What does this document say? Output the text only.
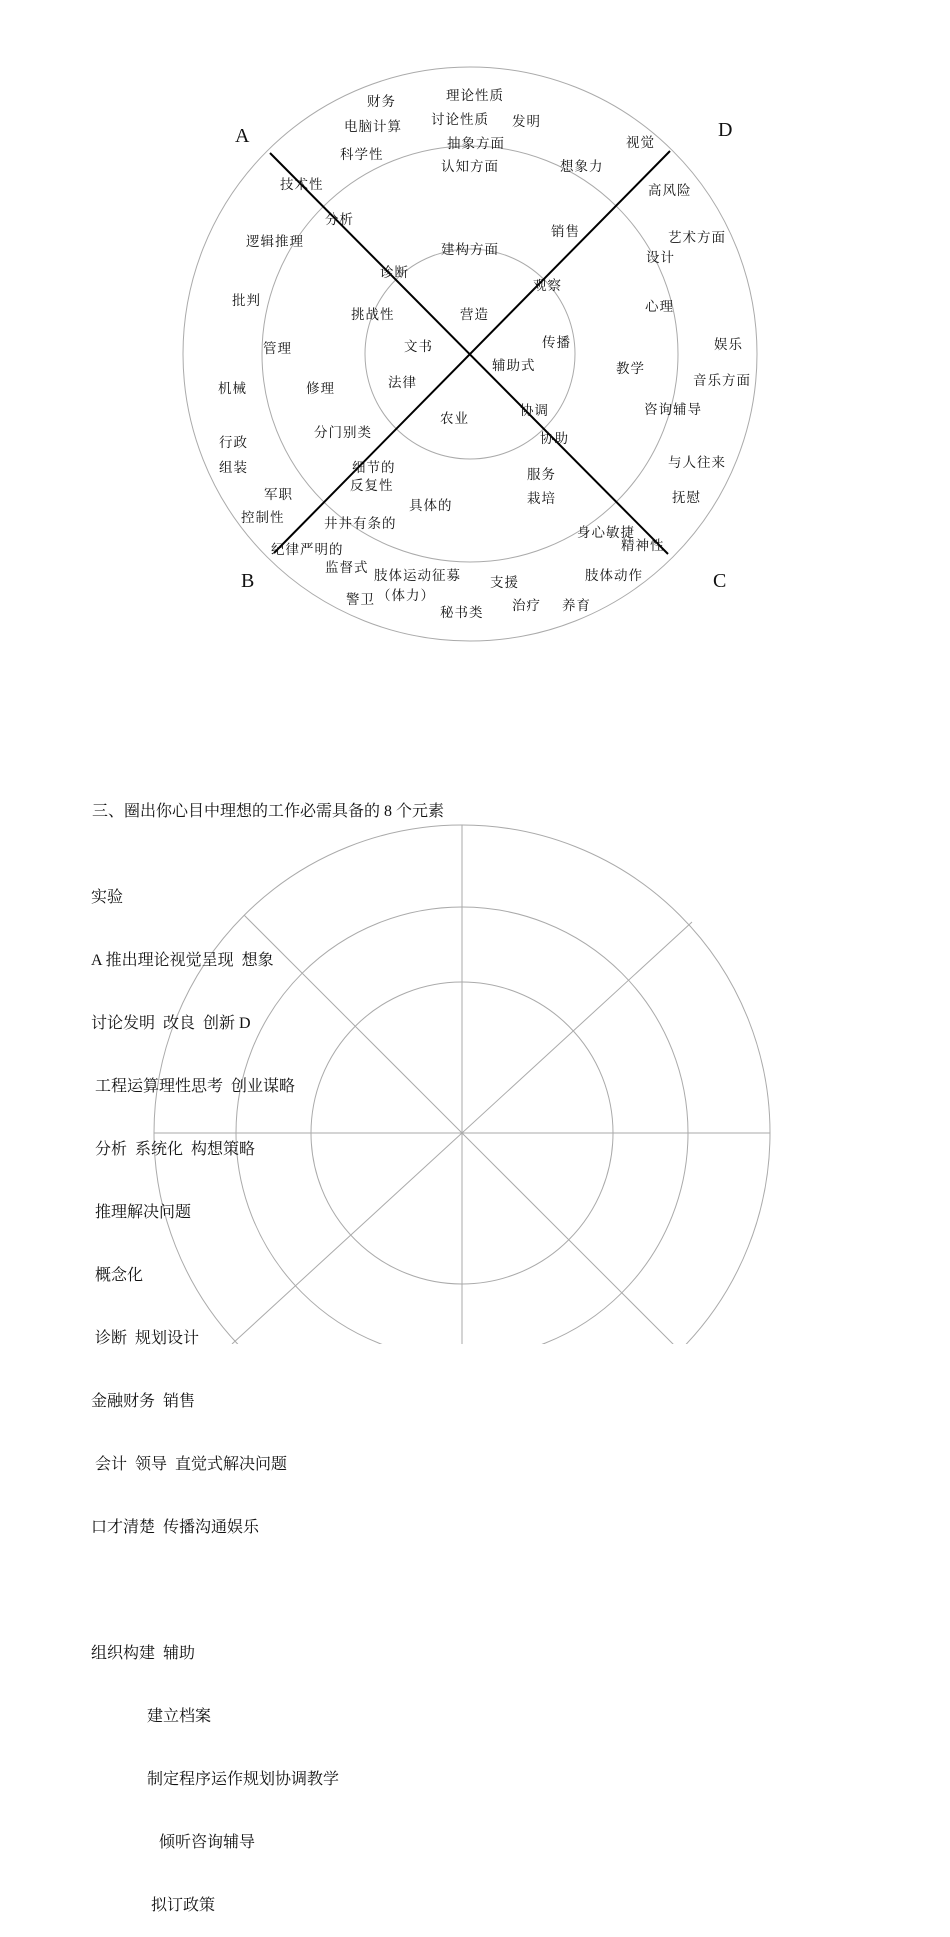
A	D
B	C
财务	理论性质
电脑计算 讨论性质 发明
抽象方面
科学性
认知方面	想象力
视觉
技术性	高风险
分析
逻辑推理
销售
建构方面
艺术方面
设计
诊断
观察
批判
挑战性	营造	心理
传播
文书
管理	娱乐
辅助式
法律
教学
音乐方面
机械	修理
协调	咨询辅导
农业
分门别类
行政	协助
与人往来
组装	细节的	服务
反复性
军职	栽培	抚慰
具体的
控制性	井井有条的
身心敏捷
精神性
纪律严明的
监督式 肢体运动 征募	肢体动作
支援
（体力）
警卫	治疗 养育
秘书类
三、圈出你心目中理想的工作必需具备的 8 个元素

实验

A 推出理论视觉呈现  想象

讨论发明  改良  创新 D

工程运算理性思考  创业谋略

分析  系统化  构想策略

推理解决问题

概念化

诊断  规划设计

金融财务  销售

会计  领导  直觉式解决问题

口才清楚  传播沟通娱乐

组织构建  辅助

建立档案

制定程序运作规划协调教学

倾听咨询辅导

拟订政策
